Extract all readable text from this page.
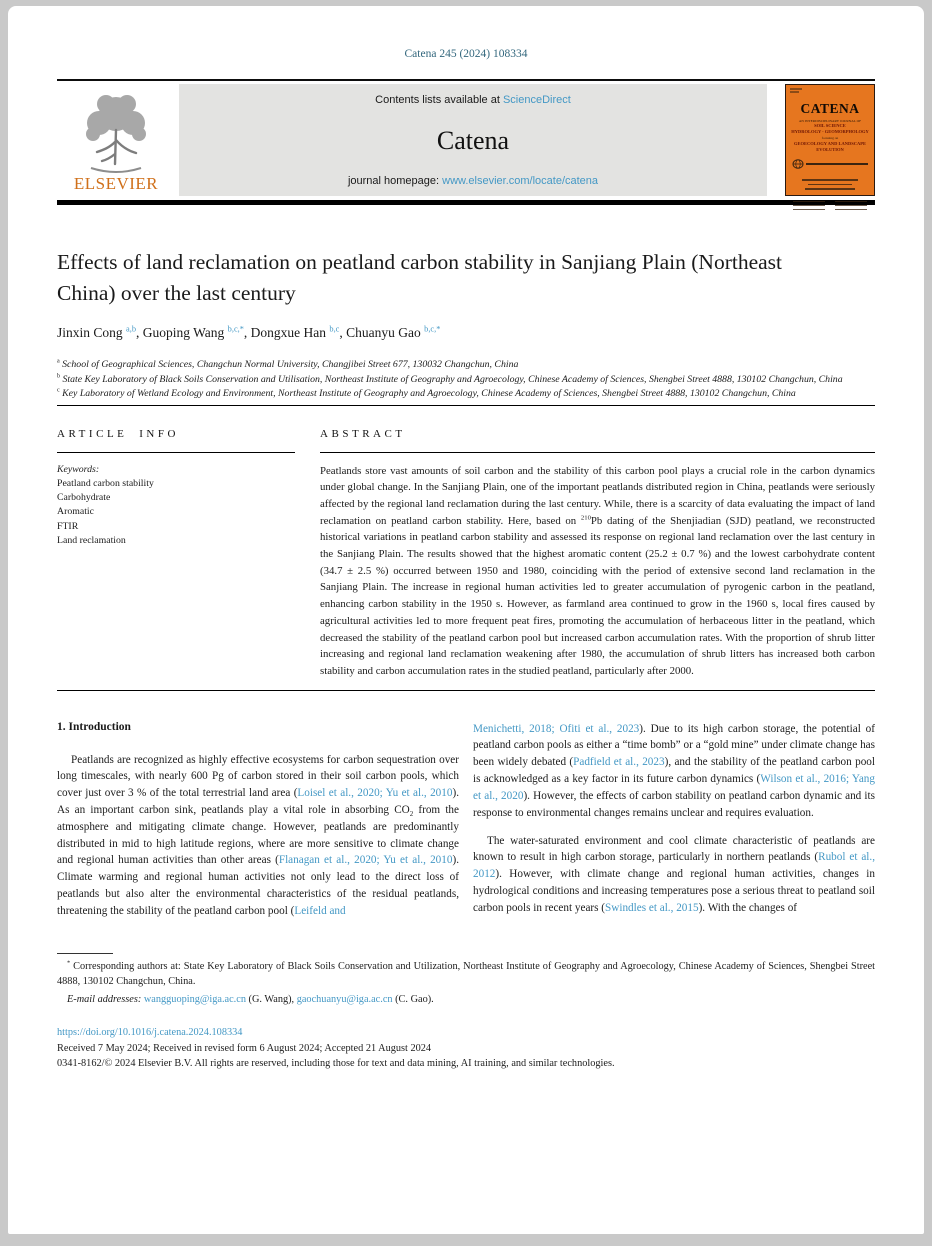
Catena 245 (2024) 108334
ELSEVIER
Contents lists available at ScienceDirect
Catena
journal homepage: www.elsevier.com/locate/catena
CATENA
AN INTERDISCIPLINARY JOURNAL OF
SOIL SCIENCE
HYDROLOGY - GEOMORPHOLOGY
focusing on
GEOECOLOGY AND LANDSCAPE EVOLUTION
Effects of land reclamation on peatland carbon stability in Sanjiang Plain (Northeast China) over the last century
Jinxin Cong $^{a,b}$, Guoping Wang $^{b,c,*}$, Dongxue Han $^{b,c}$, Chuanyu Gao $^{b,c,*}$
$^a$ School of Geographical Sciences, Changchun Normal University, Changjibei Street 677, 130032 Changchun, China
$^b$ State Key Laboratory of Black Soils Conservation and Utilisation, Northeast Institute of Geography and Agroecology, Chinese Academy of Sciences, Shengbei Street 4888, 130102 Changchun, China
$^c$ Key Laboratory of Wetland Ecology and Environment, Northeast Institute of Geography and Agroecology, Chinese Academy of Sciences, Shengbei Street 4888, 130102 Changchun, China
ARTICLE INFO
Keywords:
Peatland carbon stability
Carbohydrate
Aromatic
FTIR
Land reclamation
ABSTRACT
Peatlands store vast amounts of soil carbon and the stability of this carbon pool plays a crucial role in the carbon dynamics under global change. In the Sanjiang Plain, one of the important peatlands distributed region in China, peatlands were seriously affected by the regional land reclamation during the last century. While, there is a scarcity of data evaluating the impact of land reclamation on peatland carbon stability. Here, based on $^{210}$Pb dating of the Shenjiadian (SJD) peatland, we reconstructed historical variations in peatland carbon stability and assessed its response on regional land reclamation over the last century in the Sanjiang Plain. The results showed that the highest aromatic content (25.2 ± 0.7 %) and the lowest carbohydrate content (34.7 ± 2.5 %) occurred between 1950 and 1980, coinciding with the period of extensive second land reclamation in the Sanjiang Plain. The increase in regional human activities led to greater accumulation of pyrogenic carbon in the peatland, enhancing carbon stability in the 1950 s. However, as farmland area continued to grow in the 1960 s, local fires caused by agricultural activities led to more frequent peat fires, promoting the accumulation of herbaceous litter in the peatland, which decreased the stability of the peatland carbon pool but increased carbon accumulation rates. With the proportion of shrub litter increasing and regional land reclamation weakening after 1980, the accumulation of shrub litters has increased both carbon stability and carbon accumulation rates in the studied peatland, particularly after 2000.
1. Introduction

Peatlands are recognized as highly effective ecosystems for carbon sequestration over long timescales, with nearly 600 Pg of carbon stored in their soil carbon pools, which cover just over 3 % of the total terrestrial land area (Loisel et al., 2020; Yu et al., 2010). As an important carbon sink, peatlands play a vital role in absorbing $CO_2$ from the atmosphere and mitigating climate change. However, peatlands are predominantly distributed in mid to high latitude regions, where are more sensitive to climate change and regional human activities than other areas (Flanagan et al., 2020; Yu et al., 2010). Climate warming and regional human activities not only lead to the direct loss of peatlands but also alter the environmental characteristics of the residual peatlands, threatening the stability of the peatland carbon pool (Leifeld and

Menichetti, 2018; Ofiti et al., 2023). Due to its high carbon storage, the potential of peatland carbon pools as either a “time bomb” or a “gold mine” under climate change has been widely debated (Padfield et al., 2023), and the stability of the peatland carbon pool is acknowledged as a key factor in its future carbon dynamics (Wilson et al., 2016; Yang et al., 2020). However, the effects of carbon stability on peatland carbon dynamic and its response to environmental changes remains unclear and requires evaluation.

The water-saturated environment and cool climate characteristic of peatlands are known to result in high carbon storage, particularly in northern peatlands (Rubol et al., 2012). However, with climate change and regional human activities, changes in hydrological conditions and increasing temperatures pose a serious threat to peatland soil carbon pools in recent years (Swindles et al., 2015). With the changes of

* Corresponding authors at: State Key Laboratory of Black Soils Conservation and Utilization, Northeast Institute of Geography and Agroecology, Chinese Academy of Sciences, Shengbei Street 4888, 130102 Changchun, China.
E-mail addresses: wangguoping@iga.ac.cn (G. Wang), gaochuanyu@iga.ac.cn (C. Gao).
https://doi.org/10.1016/j.catena.2024.108334
Received 7 May 2024; Received in revised form 6 August 2024; Accepted 21 August 2024
0341-8162/© 2024 Elsevier B.V. All rights are reserved, including those for text and data mining, AI training, and similar technologies.
